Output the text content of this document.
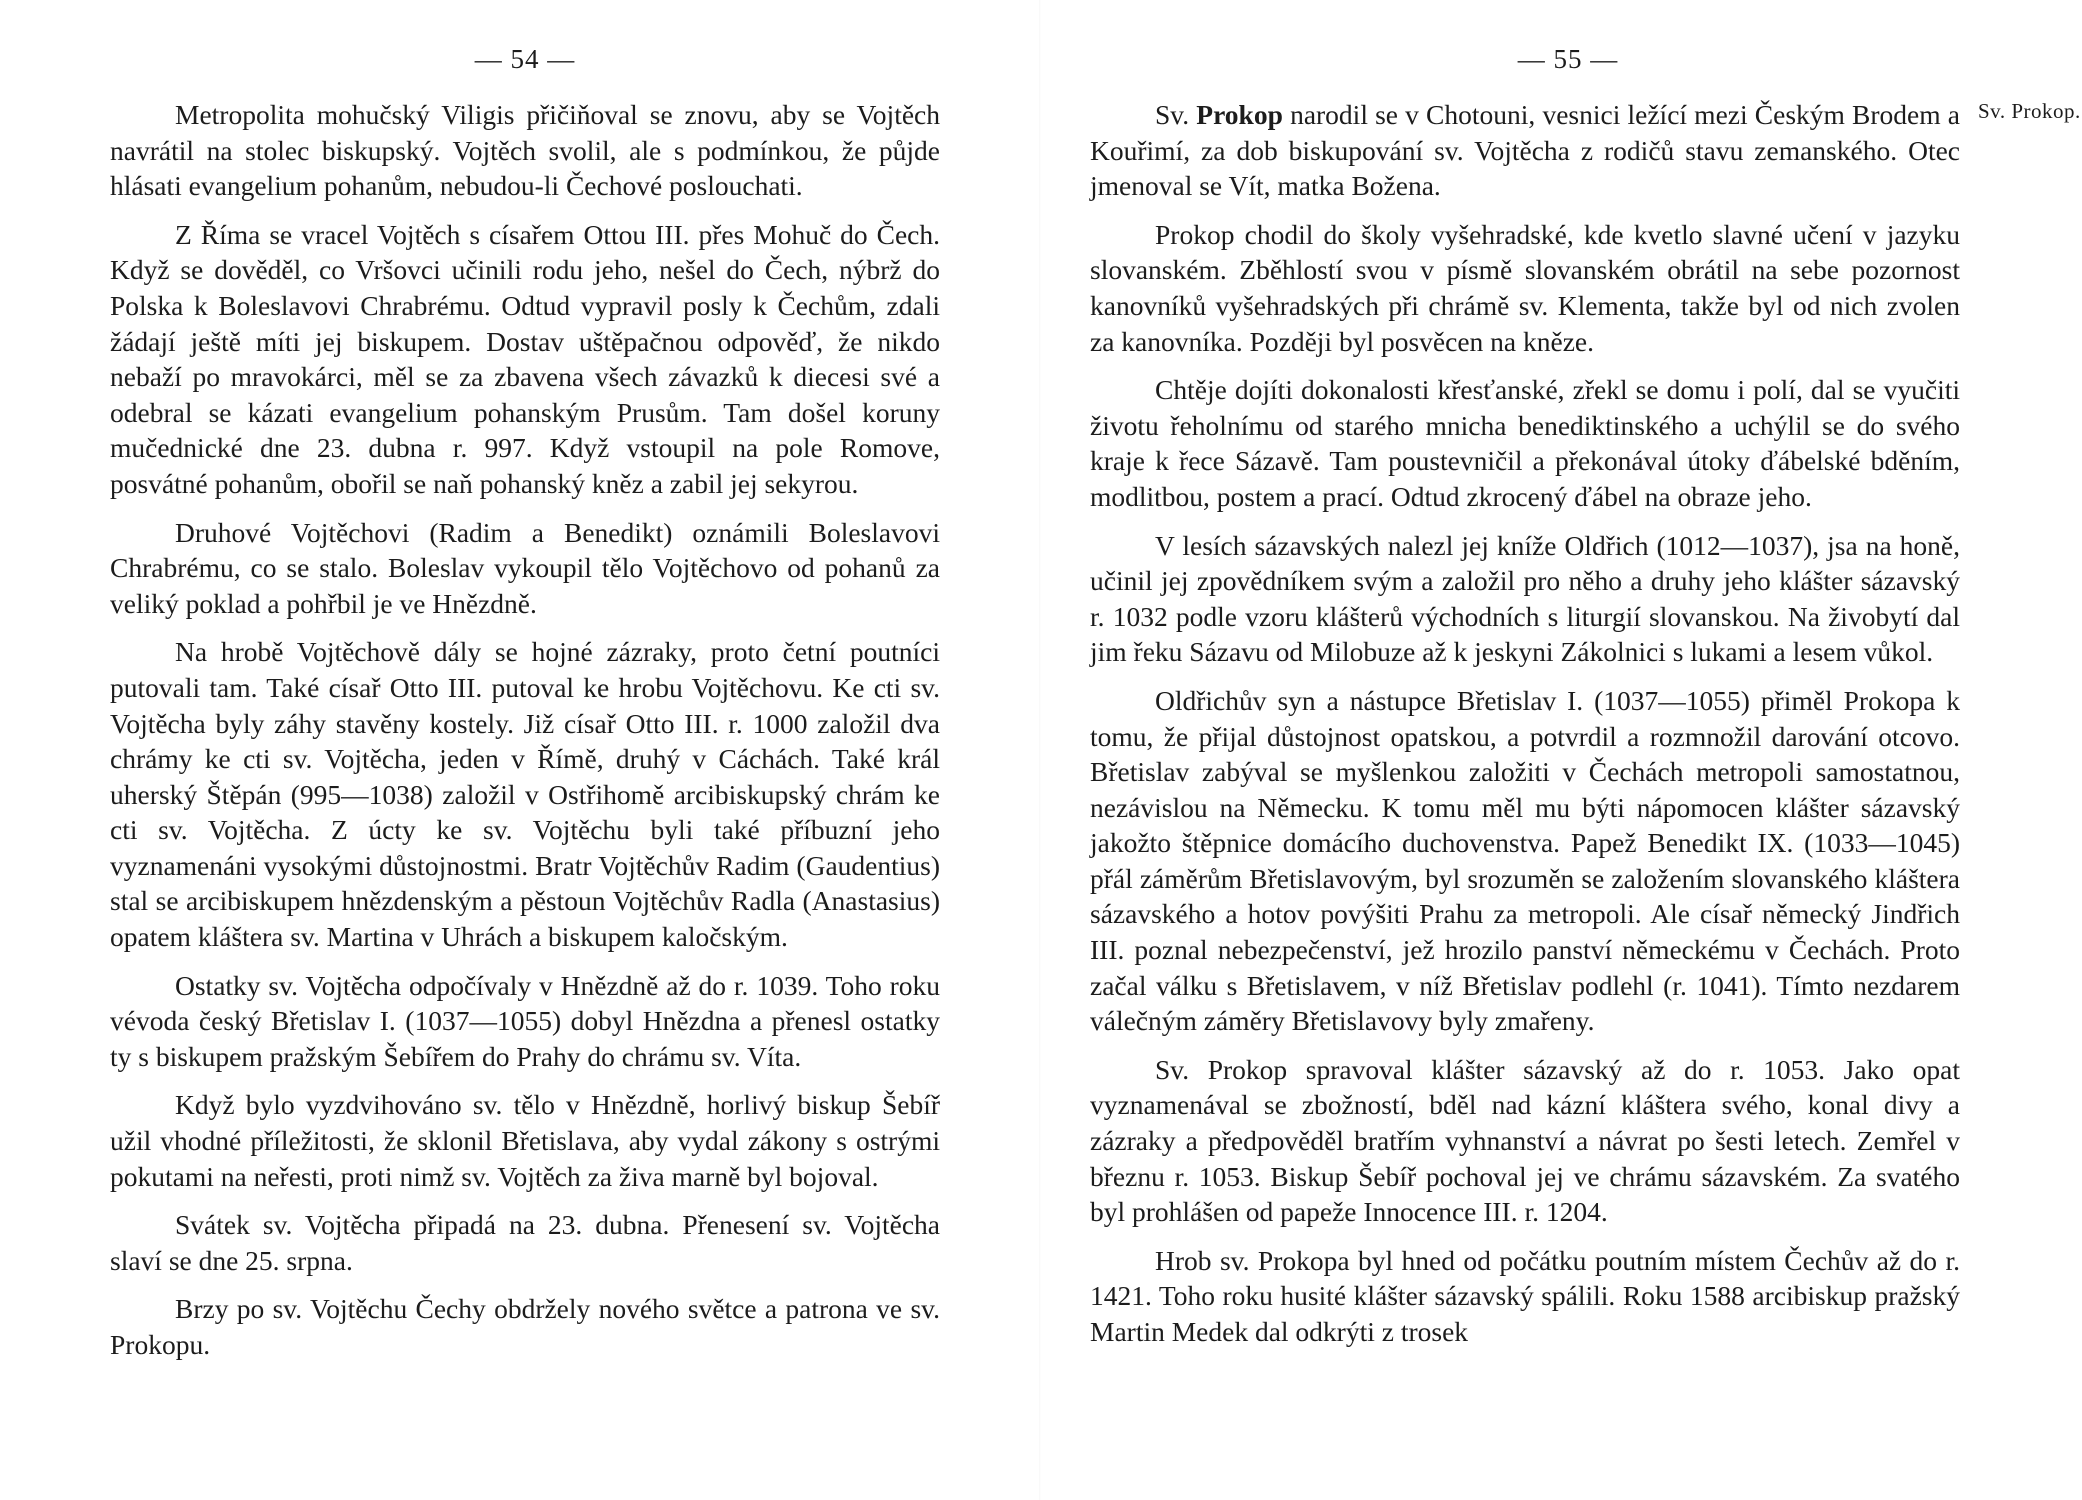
— 54 —

Metropolita mohučský Viligis přičiňoval se znovu, aby se Vojtěch navrátil na stolec biskupský. Vojtěch svolil, ale s podmínkou, že půjde hlásati evangelium pohanům, nebudou-li Čechové poslouchati.

Z Říma se vracel Vojtěch s císařem Ottou III. přes Mohuč do Čech. Když se dověděl, co Vršovci učinili rodu jeho, nešel do Čech, nýbrž do Polska k Boleslavovi Chrabrému. Odtud vypravil posly k Čechům, zdali žádají ještě míti jej biskupem. Dostav uštěpačnou odpověď, že nikdo nebaží po mravokárci, měl se za zbavena všech závazků k diecesi své a odebral se kázati evangelium pohanským Prusům. Tam došel koruny mučednické dne 23. dubna r. 997. Když vstoupil na pole Romove, posvátné pohanům, obořil se naň pohanský kněz a zabil jej sekyrou.

Druhové Vojtěchovi (Radim a Benedikt) oznámili Boleslavovi Chrabrému, co se stalo. Boleslav vykoupil tělo Vojtěchovo od pohanů za veliký poklad a pohřbil je ve Hnězdně.

Na hrobě Vojtěchově dály se hojné zázraky, proto četní poutníci putovali tam. Také císař Otto III. putoval ke hrobu Vojtěchovu. Ke cti sv. Vojtěcha byly záhy stavěny kostely. Již císař Otto III. r. 1000 založil dva chrámy ke cti sv. Vojtěcha, jeden v Římě, druhý v Cáchách. Také král uherský Štěpán (995—1038) založil v Ostřihomě arcibiskupský chrám ke cti sv. Vojtěcha. Z úcty ke sv. Vojtěchu byli také příbuzní jeho vyznamenáni vysokými důstojnostmi. Bratr Vojtěchův Radim (Gaudentius) stal se arcibiskupem hnězdenským a pěstoun Vojtěchův Radla (Anastasius) opatem kláštera sv. Martina v Uhrách a biskupem kaločským.

Ostatky sv. Vojtěcha odpočívaly v Hnězdně až do r. 1039. Toho roku vévoda český Břetislav I. (1037—1055) dobyl Hnězdna a přenesl ostatky ty s biskupem pražským Šebířem do Prahy do chrámu sv. Víta.

Když bylo vyzdvihováno sv. tělo v Hnězdně, horlivý biskup Šebíř užil vhodné příležitosti, že sklonil Břetislava, aby vydal zákony s ostrými pokutami na neřesti, proti nimž sv. Vojtěch za živa marně byl bojoval.

Svátek sv. Vojtěcha připadá na 23. dubna. Přenesení sv. Vojtěcha slaví se dne 25. srpna.

Brzy po sv. Vojtěchu Čechy obdržely nového světce a patrona ve sv. Prokopu.

— 55 —
Sv. Prokop.

Sv. Prokop narodil se v Chotouni, vesnici ležící mezi Českým Brodem a Kouřimí, za dob biskupování sv. Vojtěcha z rodičů stavu zemanského. Otec jmenoval se Vít, matka Božena.

Prokop chodil do školy vyšehradské, kde kvetlo slavné učení v jazyku slovanském. Zběhlostí svou v písmě slovanském obrátil na sebe pozornost kanovníků vyšehradských při chrámě sv. Klementa, takže byl od nich zvolen za kanovníka. Později byl posvěcen na kněze.

Chtěje dojíti dokonalosti křesťanské, zřekl se domu i polí, dal se vyučiti životu řeholnímu od starého mnicha benediktinského a uchýlil se do svého kraje k řece Sázavě. Tam poustevničil a překonával útoky ďábelské bděním, modlitbou, postem a prací. Odtud zkrocený ďábel na obraze jeho.

V lesích sázavských nalezl jej kníže Oldřich (1012—1037), jsa na honě, učinil jej zpovědníkem svým a založil pro něho a druhy jeho klášter sázavský r. 1032 podle vzoru klášterů východních s liturgií slovanskou. Na živobytí dal jim řeku Sázavu od Milobuze až k jeskyni Zákolnici s lukami a lesem vůkol.

Oldřichův syn a nástupce Břetislav I. (1037—1055) přiměl Prokopa k tomu, že přijal důstojnost opatskou, a potvrdil a rozmnožil darování otcovo. Břetislav zabýval se myšlenkou založiti v Čechách metropoli samostatnou, nezávislou na Německu. K tomu měl mu býti nápomocen klášter sázavský jakožto štěpnice domácího duchovenstva. Papež Benedikt IX. (1033—1045) přál záměrům Břetislavovým, byl srozuměn se založením slovanského kláštera sázavského a hotov povýšiti Prahu za metropoli. Ale císař německý Jindřich III. poznal nebezpečenství, jež hrozilo panství německému v Čechách. Proto začal válku s Břetislavem, v níž Břetislav podlehl (r. 1041). Tímto nezdarem válečným záměry Břetislavovy byly zmařeny.

Sv. Prokop spravoval klášter sázavský až do r. 1053. Jako opat vyznamenával se zbožností, bděl nad kázní kláštera svého, konal divy a zázraky a předpověděl bratřím vyhnanství a návrat po šesti letech. Zemřel v březnu r. 1053. Biskup Šebíř pochoval jej ve chrámu sázavském. Za svatého byl prohlášen od papeže Innocence III. r. 1204.

Hrob sv. Prokopa byl hned od počátku poutním místem Čechův až do r. 1421. Toho roku husité klášter sázavský spálili. Roku 1588 arcibiskup pražský Martin Medek dal odkrýti z trosek
